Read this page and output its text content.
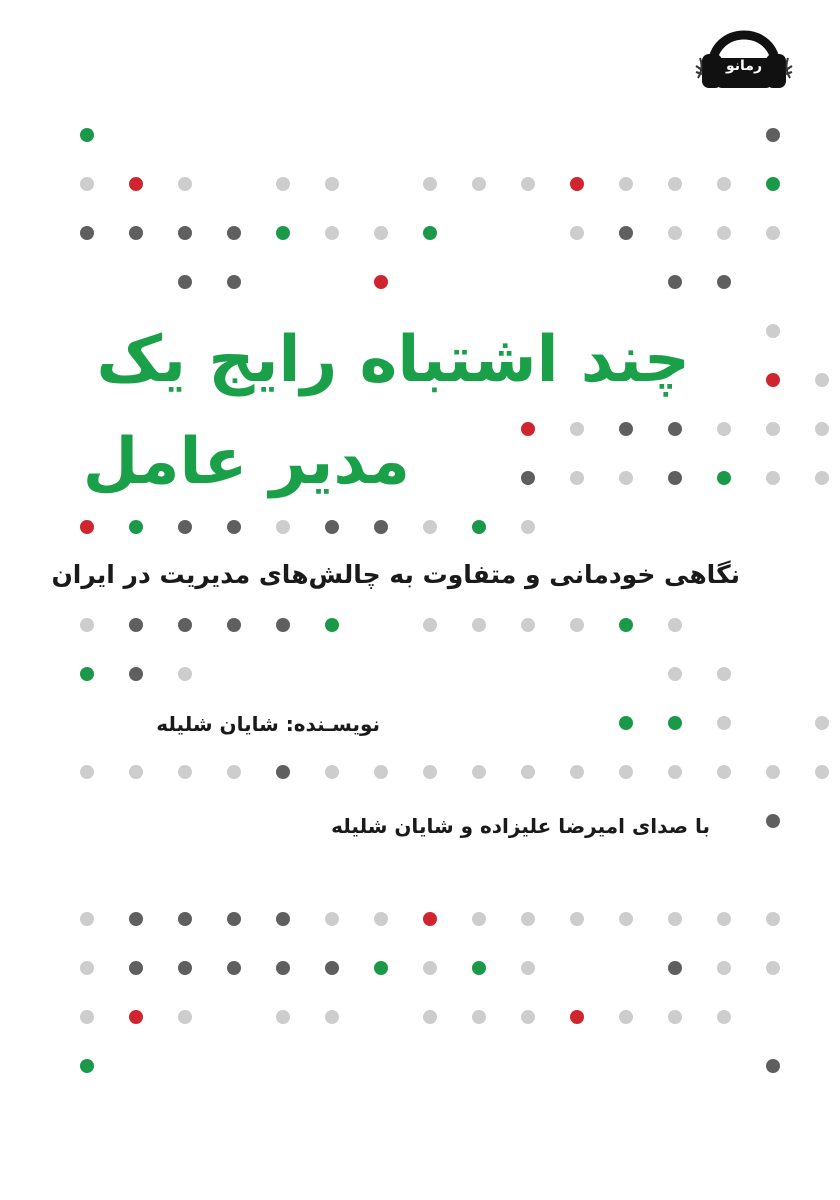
رمانو
چند اشتباه رایج یک
مدیر عامل
نگاهی خودمانی و متفاوت به چالش‌های مدیریت در ایران
نویسـنده: شایان شلیله
با صدای امیرضا علیزاده و شایان شلیله
